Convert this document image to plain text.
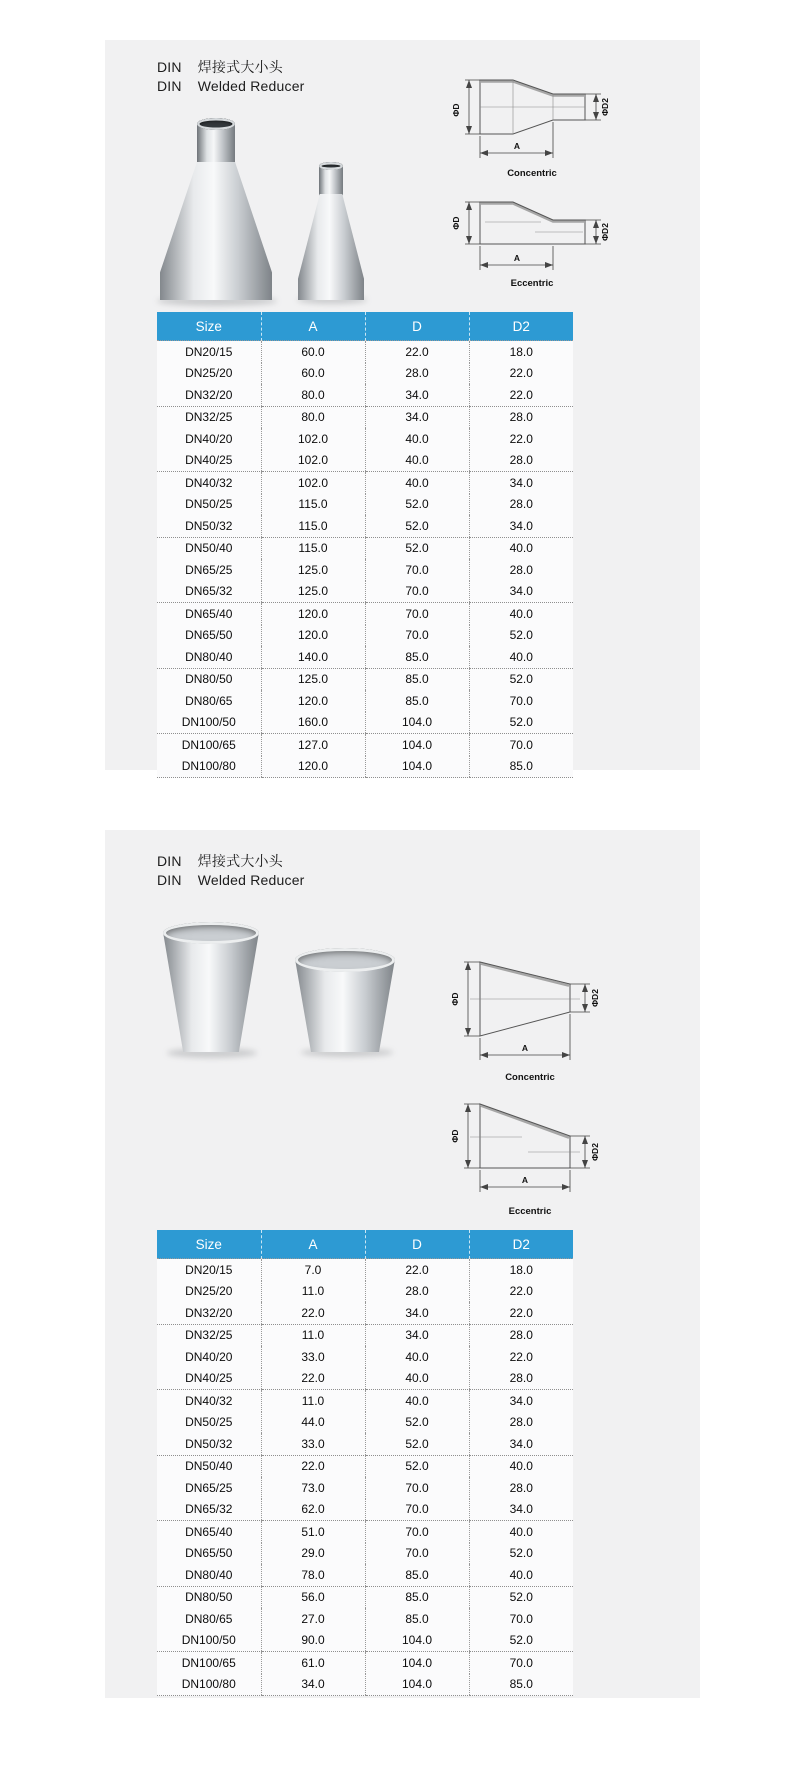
DIN 焊接式大小头
DIN Welded Reducer
ΦD	ΦD2
A
Concentric
ΦD
ΦD2
A
Eccentric
Size	A	D	D2
DN20/15	60.0	22.0	18.0
DN25/20	60.0	28.0	22.0
DN32/20	80.0	34.0	22.0
DN32/25	80.0	34.0	28.0
DN40/20	102.0	40.0	22.0
DN40/25	102.0	40.0	28.0
DN40/32	102.0	40.0	34.0
DN50/25	115.0	52.0	28.0
DN50/32	115.0	52.0	34.0
DN50/40	115.0	52.0	40.0
DN65/25	125.0	70.0	28.0
DN65/32	125.0	70.0	34.0
DN65/40	120.0	70.0	40.0
DN65/50	120.0	70.0	52.0
DN80/40	140.0	85.0	40.0
DN80/50	125.0	85.0	52.0
DN80/65	120.0	85.0	70.0
DN100/50	160.0	104.0	52.0
DN100/65	127.0	104.0	70.0
DN100/80	120.0	104.0	85.0
DIN 焊接式大小头
DIN Welded Reducer
ΦD	ΦD2
A
Concentric
ΦD
ΦD2
A
Eccentric
Size	A	D	D2
DN20/15	7.0	22.0	18.0
DN25/20	11.0	28.0	22.0
DN32/20	22.0	34.0	22.0
DN32/25	11.0	34.0	28.0
DN40/20	33.0	40.0	22.0
DN40/25	22.0	40.0	28.0
DN40/32	11.0	40.0	34.0
DN50/25	44.0	52.0	28.0
DN50/32	33.0	52.0	34.0
DN50/40	22.0	52.0	40.0
DN65/25	73.0	70.0	28.0
DN65/32	62.0	70.0	34.0
DN65/40	51.0	70.0	40.0
DN65/50	29.0	70.0	52.0
DN80/40	78.0	85.0	40.0
DN80/50	56.0	85.0	52.0
DN80/65	27.0	85.0	70.0
DN100/50	90.0	104.0	52.0
DN100/65	61.0	104.0	70.0
DN100/80	34.0	104.0	85.0
